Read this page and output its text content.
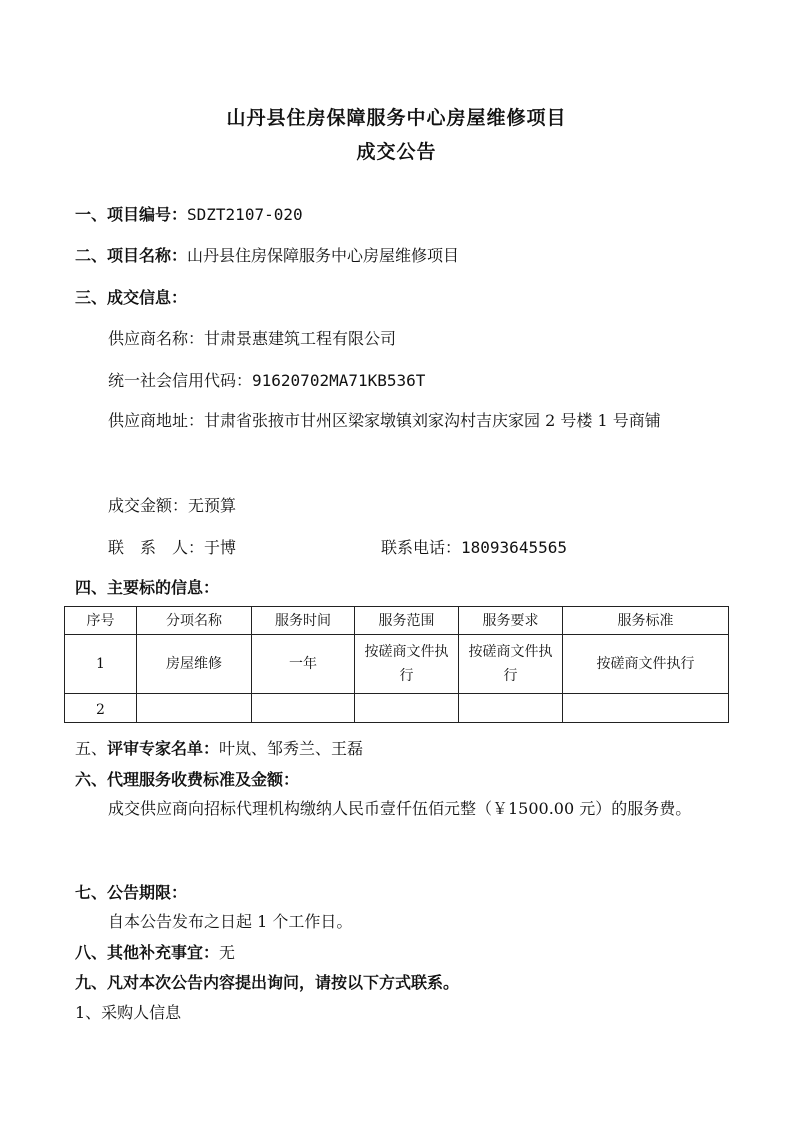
山丹县住房保障服务中心房屋维修项目
成交公告
一、项目编号：SDZT2107-020
二、项目名称：山丹县住房保障服务中心房屋维修项目
三、成交信息：
供应商名称：甘肃景惠建筑工程有限公司
统一社会信用代码：91620702MA71KB536T
供应商地址：甘肃省张掖市甘州区梁家墩镇刘家沟村吉庆家园 2 号楼 1 号商铺
成交金额：无预算
联　系　人：于博	联系电话：18093645565
四、主要标的信息：
序号	分项名称	服务时间	服务范围	服务要求	服务标准
1	房屋维修	一年	按磋商文件执行	按磋商文件执行	按磋商文件执行
2					
五、评审专家名单：叶岚、邹秀兰、王磊
六、代理服务收费标准及金额：
成交供应商向招标代理机构缴纳人民币壹仟伍佰元整（￥1500.00 元）的服务费。
七、公告期限：
自本公告发布之日起 1 个工作日。
八、其他补充事宜：无
九、凡对本次公告内容提出询问，请按以下方式联系。
1、采购人信息
